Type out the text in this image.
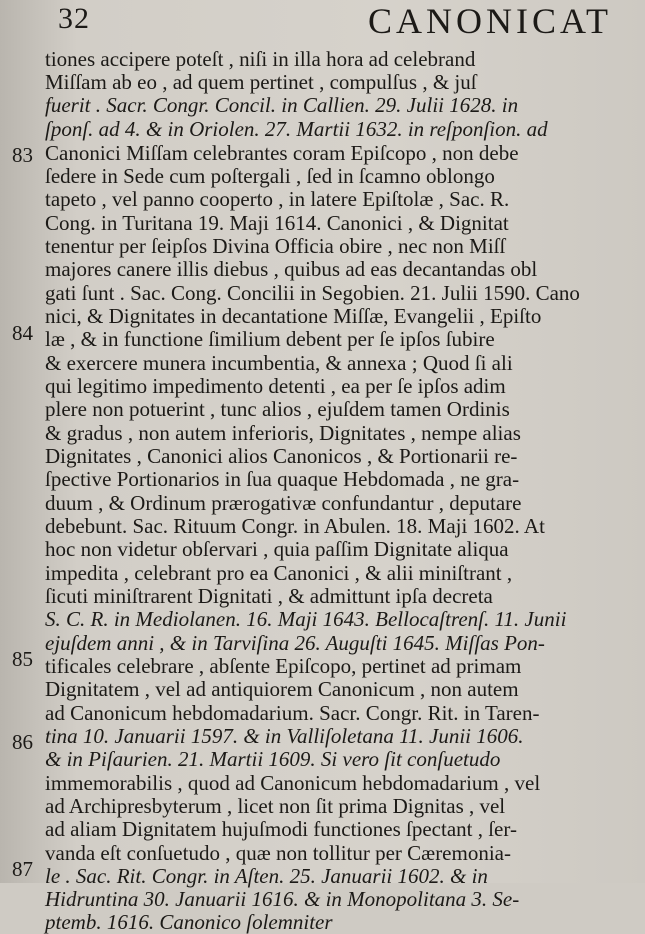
32	CANONICAT
83
84
85
86
87
tiones accipere poteſt , niſi in illa hora ad celebrand
Miſſam ab eo , ad quem pertinet , compulſus , & juſ
fuerit . Sacr. Congr. Concil. in Callien. 29. Julii 1628. in
ſponſ. ad 4. & in Oriolen. 27. Martii 1632. in reſponſion. ad
Canonici Miſſam celebrantes coram Epiſcopo , non debe
ſedere in Sede cum poſtergali , ſed in ſcamno oblongo
tapeto , vel panno cooperto , in latere Epiſtolæ , Sac. R.
Cong. in Turitana 19. Maji 1614. Canonici , & Dignitat
tenentur per ſeipſos Divina Officia obire , nec non Miſſ
majores canere illis diebus , quibus ad eas decantandas obl
gati ſunt . Sac. Cong. Concilii in Segobien. 21. Julii 1590. Cano
nici, & Dignitates in decantatione Miſſæ, Evangelii , Epiſto
læ , & in functione ſimilium debent per ſe ipſos ſubire
& exercere munera incumbentia, & annexa ; Quod ſi ali
qui legitimo impedimento detenti , ea per ſe ipſos adim
plere non potuerint , tunc alios , ejuſdem tamen Ordinis
& gradus , non autem inferioris, Dignitates , nempe alias
Dignitates , Canonici alios Canonicos , & Portionarii re-
ſpective Portionarios in ſua quaque Hebdomada , ne gra-
duum , & Ordinum prærogativæ confundantur , deputare
debebunt. Sac. Rituum Congr. in Abulen. 18. Maji 1602. At
hoc non videtur obſervari , quia paſſim Dignitate aliqua
impedita , celebrant pro ea Canonici , & alii miniſtrant ,
ſicuti miniſtrarent Dignitati , & admittunt ipſa decreta
S. C. R. in Mediolanen. 16. Maji 1643. Bellocaſtrenſ. 11. Junii
ejuſdem anni , & in Tarviſina 26. Auguſti 1645. Miſſas Pon-
tificales celebrare , abſente Epiſcopo, pertinet ad primam
Dignitatem , vel ad antiquiorem Canonicum , non autem
ad Canonicum hebdomadarium. Sacr. Congr. Rit. in Taren-
tina 10. Januarii 1597. & in Valliſoletana 11. Junii 1606.
& in Piſaurien. 21. Martii 1609. Si vero ſit conſuetudo
immemorabilis , quod ad Canonicum hebdomadarium , vel
ad Archipresbyterum , licet non ſit prima Dignitas , vel
ad aliam Dignitatem hujuſmodi functiones ſpectant , ſer-
vanda eſt conſuetudo , quæ non tollitur per Cæremonia-
le . Sac. Rit. Congr. in Aſten. 25. Januarii 1602. & in
Hidruntina 30. Januarii 1616. & in Monopolitana 3. Se-
ptemb. 1616. Canonico ſolemniter
